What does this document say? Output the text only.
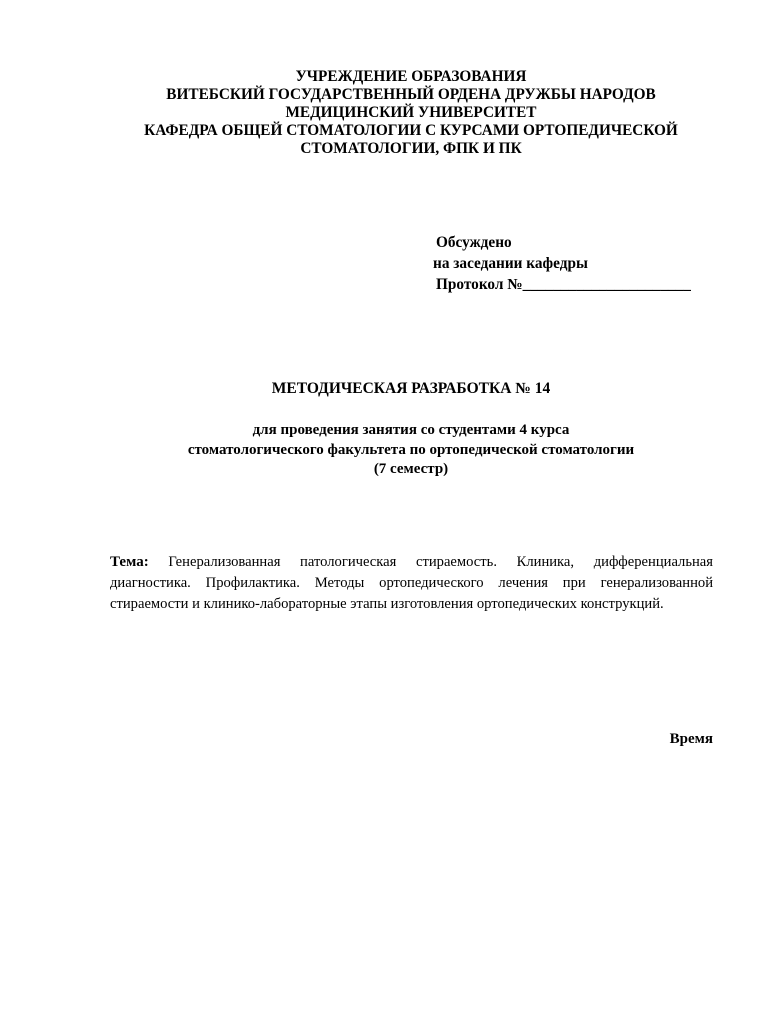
УЧРЕЖДЕНИЕ ОБРАЗОВАНИЯ
ВИТЕБСКИЙ ГОСУДАРСТВЕННЫЙ ОРДЕНА ДРУЖБЫ НАРОДОВ
МЕДИЦИНСКИЙ УНИВЕРСИТЕТ
КАФЕДРА ОБЩЕЙ СТОМАТОЛОГИИ С КУРСАМИ ОРТОПЕДИЧЕСКОЙ
СТОМАТОЛОГИИ, ФПК И ПК
Обсуждено
на заседании кафедры
Протокол №______________________
МЕТОДИЧЕСКАЯ РАЗРАБОТКА № 14
для проведения занятия со студентами 4 курса
стоматологического факультета по ортопедической стоматологии
(7 семестр)
Тема: Генерализованная патологическая стираемость. Клиника, дифференциальная диагностика. Профилактика. Методы ортопедического лечения при генерализованной стираемости и клинико-лабораторные этапы изготовления ортопедических конструкций.
Время
